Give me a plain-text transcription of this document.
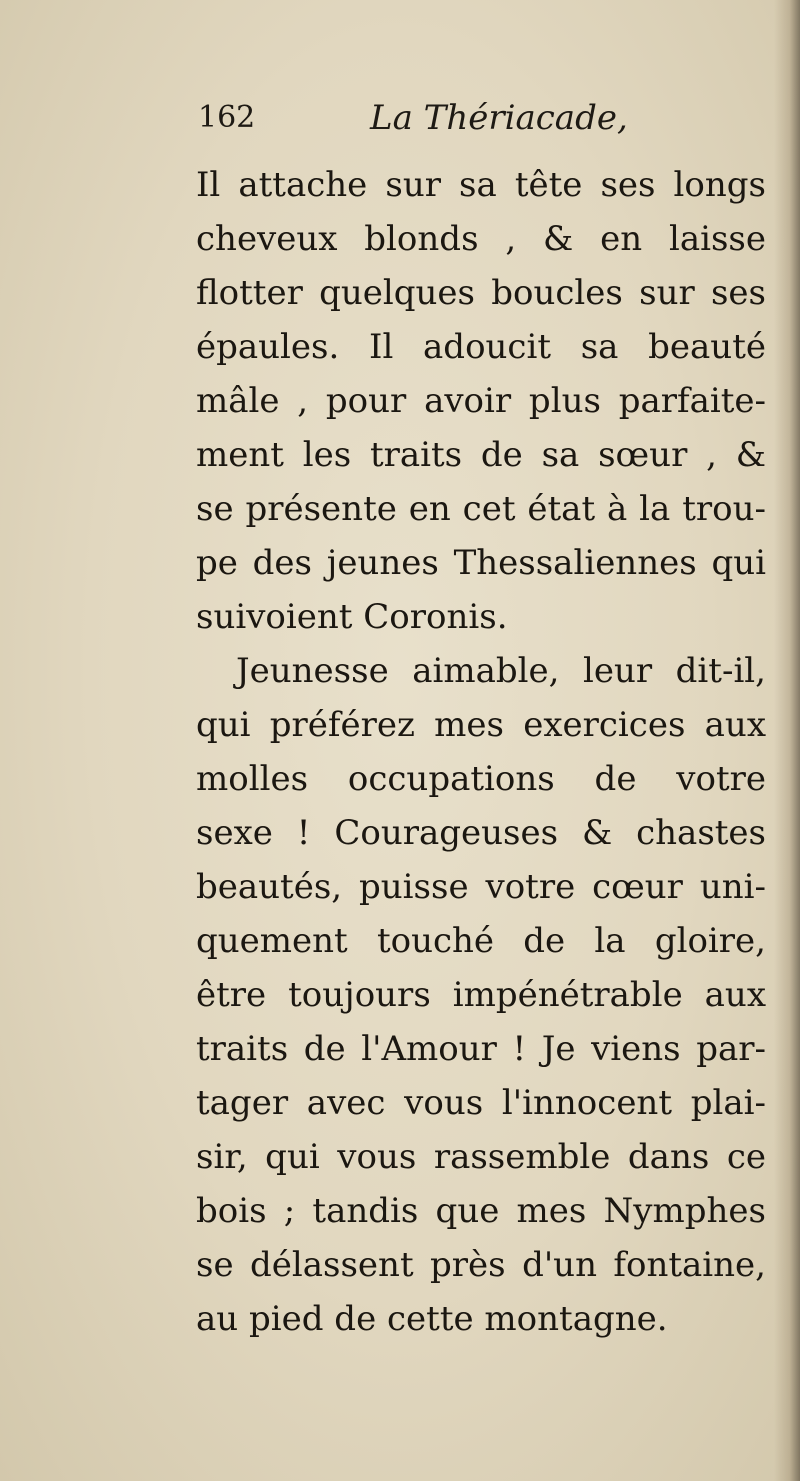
162	La Thériacade,
Il attache sur sa tête ses longs
cheveux blonds , & en laisse
flotter quelques boucles sur ses
épaules. Il adoucit sa beauté
mâle , pour avoir plus parfaite-
ment les traits de sa sœur , &
se présente en cet état à la trou-
pe des jeunes Thessaliennes qui
suivoient Coronis.
Jeunesse aimable, leur dit-il,
qui préférez mes exercices aux
molles occupations de votre
sexe ! Courageuses & chastes
beautés, puisse votre cœur uni-
quement touché de la gloire,
être toujours impénétrable aux
traits de l'Amour ! Je viens par-
tager avec vous l'innocent plai-
sir, qui vous rassemble dans ce
bois ; tandis que mes Nymphes
se délassent près d'un fontaine,
au pied de cette montagne.
